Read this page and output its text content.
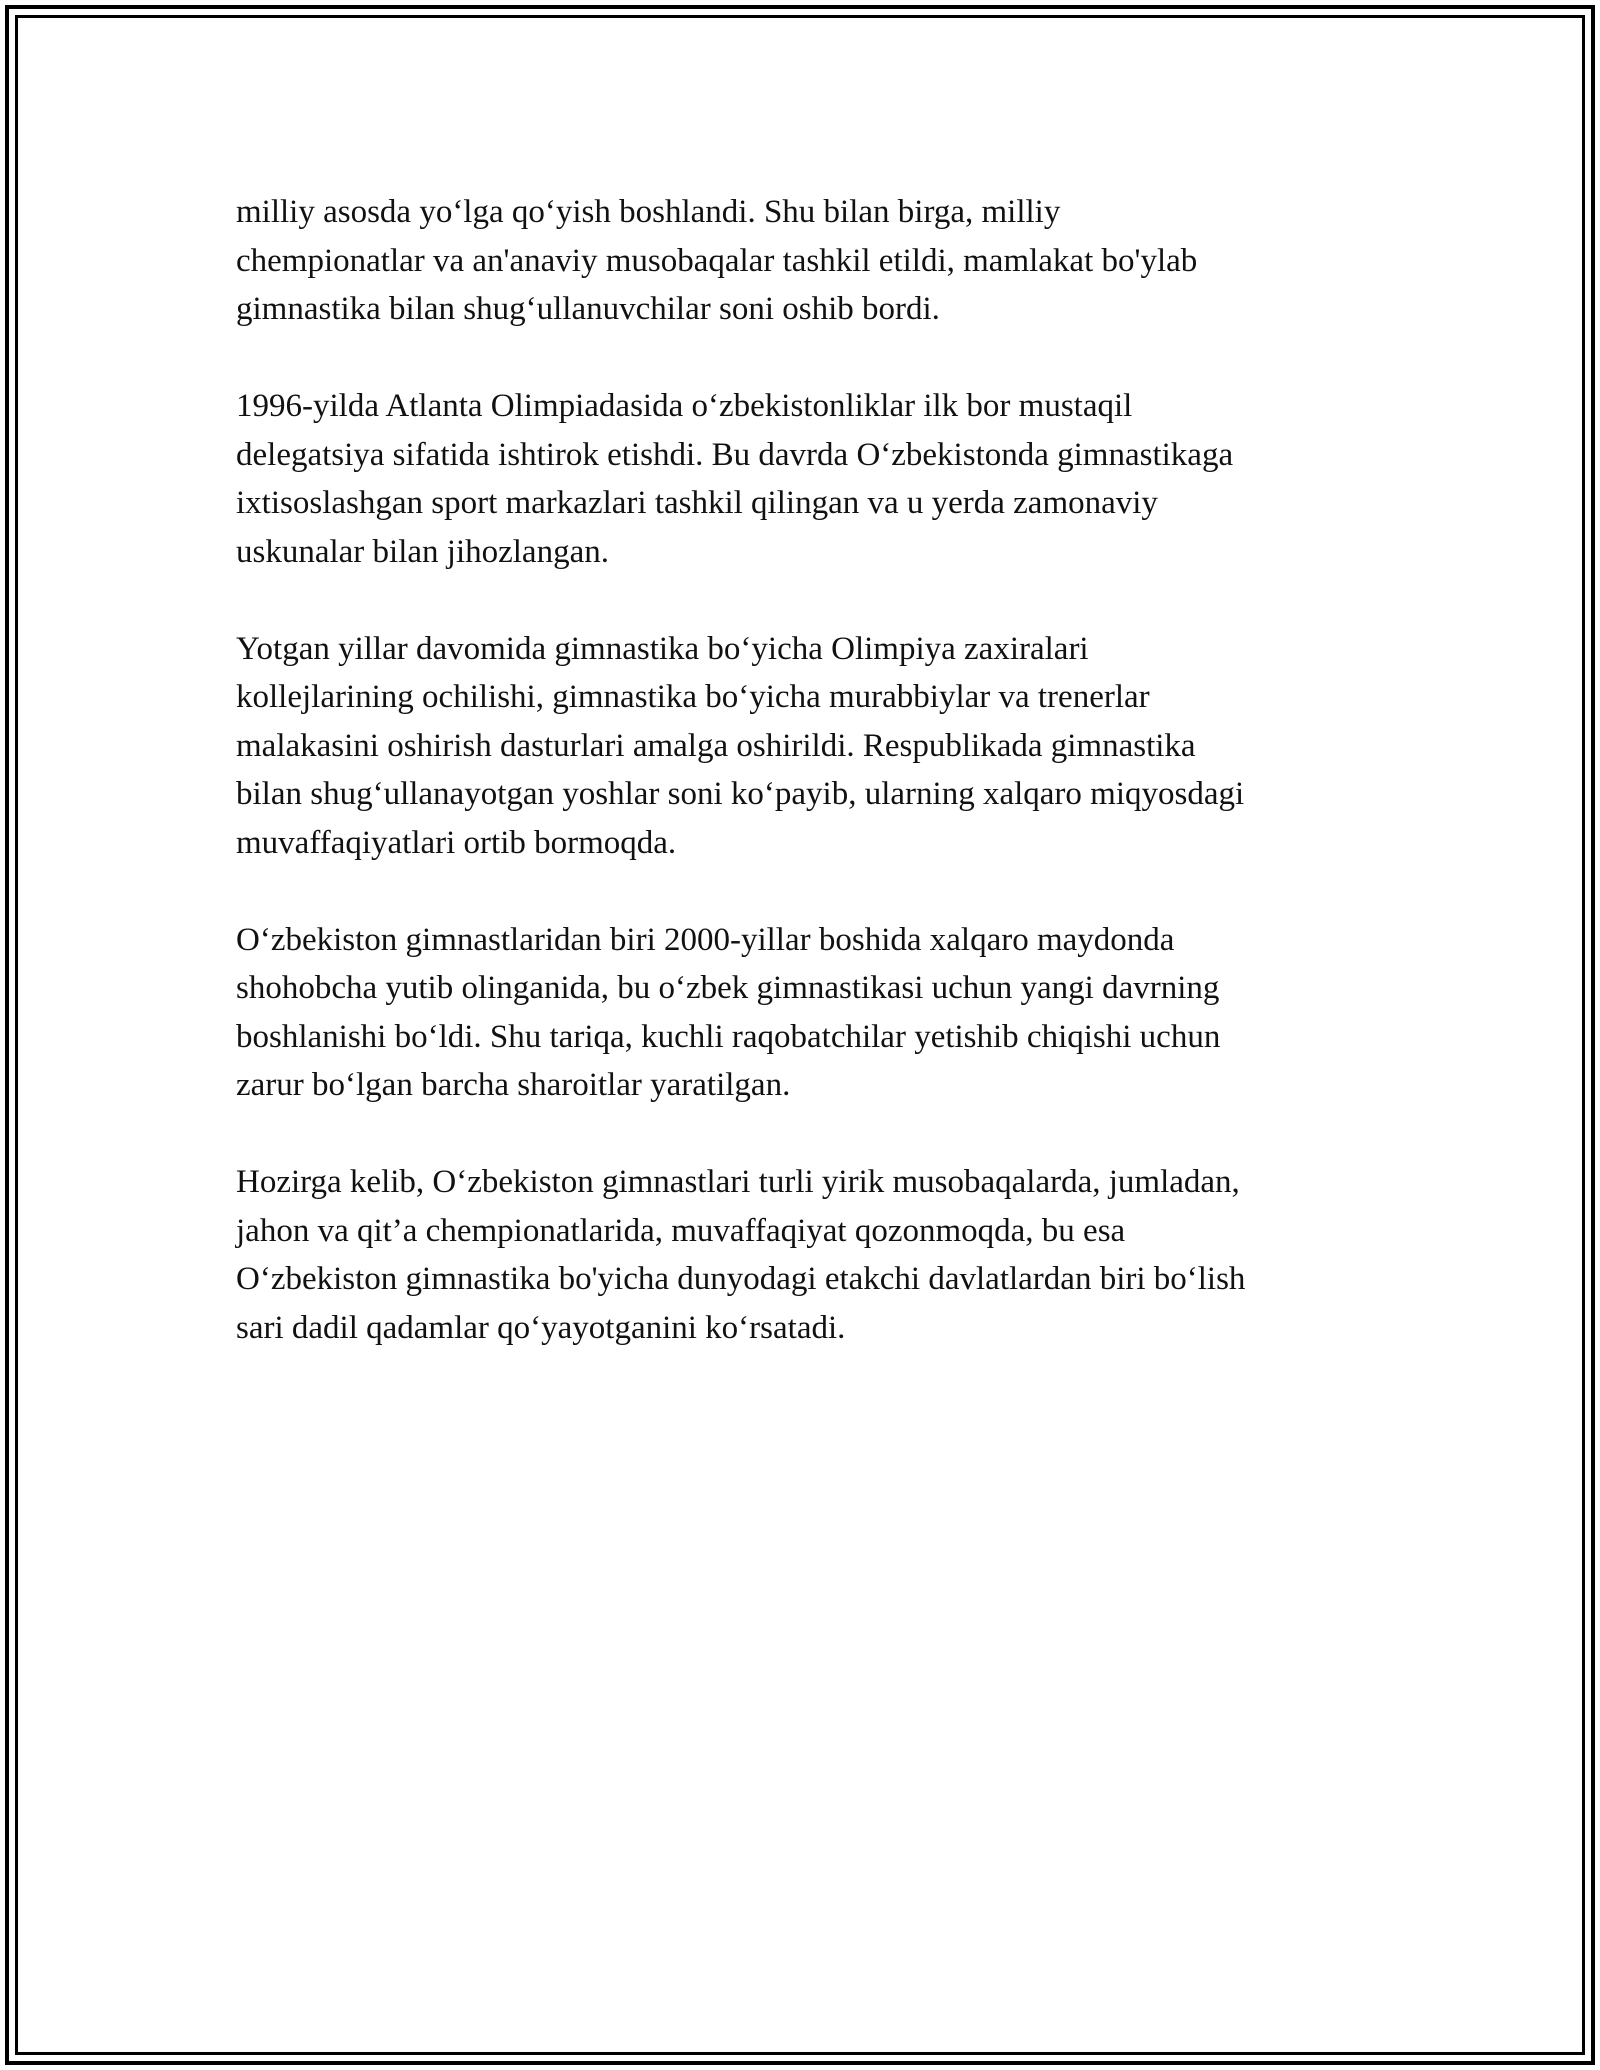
milliy asosda yo‘lga qo‘yish boshlandi. Shu bilan birga, milliy
chempionatlar va an'anaviy musobaqalar tashkil etildi, mamlakat bo'ylab
gimnastika bilan shug‘ullanuvchilar soni oshib bordi.

1996-yilda Atlanta Olimpiadasida o‘zbekistonliklar ilk bor mustaqil
delegatsiya sifatida ishtirok etishdi. Bu davrda O‘zbekistonda gimnastikaga
ixtisoslashgan sport markazlari tashkil qilingan va u yerda zamonaviy
uskunalar bilan jihozlangan.

Yotgan yillar davomida gimnastika bo‘yicha Olimpiya zaxiralari
kollejlarining ochilishi, gimnastika bo‘yicha murabbiylar va trenerlar
malakasini oshirish dasturlari amalga oshirildi. Respublikada gimnastika
bilan shug‘ullanayotgan yoshlar soni ko‘payib, ularning xalqaro miqyosdagi
muvaffaqiyatlari ortib bormoqda.

O‘zbekiston gimnastlaridan biri 2000-yillar boshida xalqaro maydonda
shohobcha yutib olinganida, bu o‘zbek gimnastikasi uchun yangi davrning
boshlanishi bo‘ldi. Shu tariqa, kuchli raqobatchilar yetishib chiqishi uchun
zarur bo‘lgan barcha sharoitlar yaratilgan.

Hozirga kelib, O‘zbekiston gimnastlari turli yirik musobaqalarda, jumladan,
jahon va qit’a chempionatlarida, muvaffaqiyat qozonmoqda, bu esa
O‘zbekiston gimnastika bo'yicha dunyodagi etakchi davlatlardan biri bo‘lish
sari dadil qadamlar qo‘yayotganini ko‘rsatadi.
